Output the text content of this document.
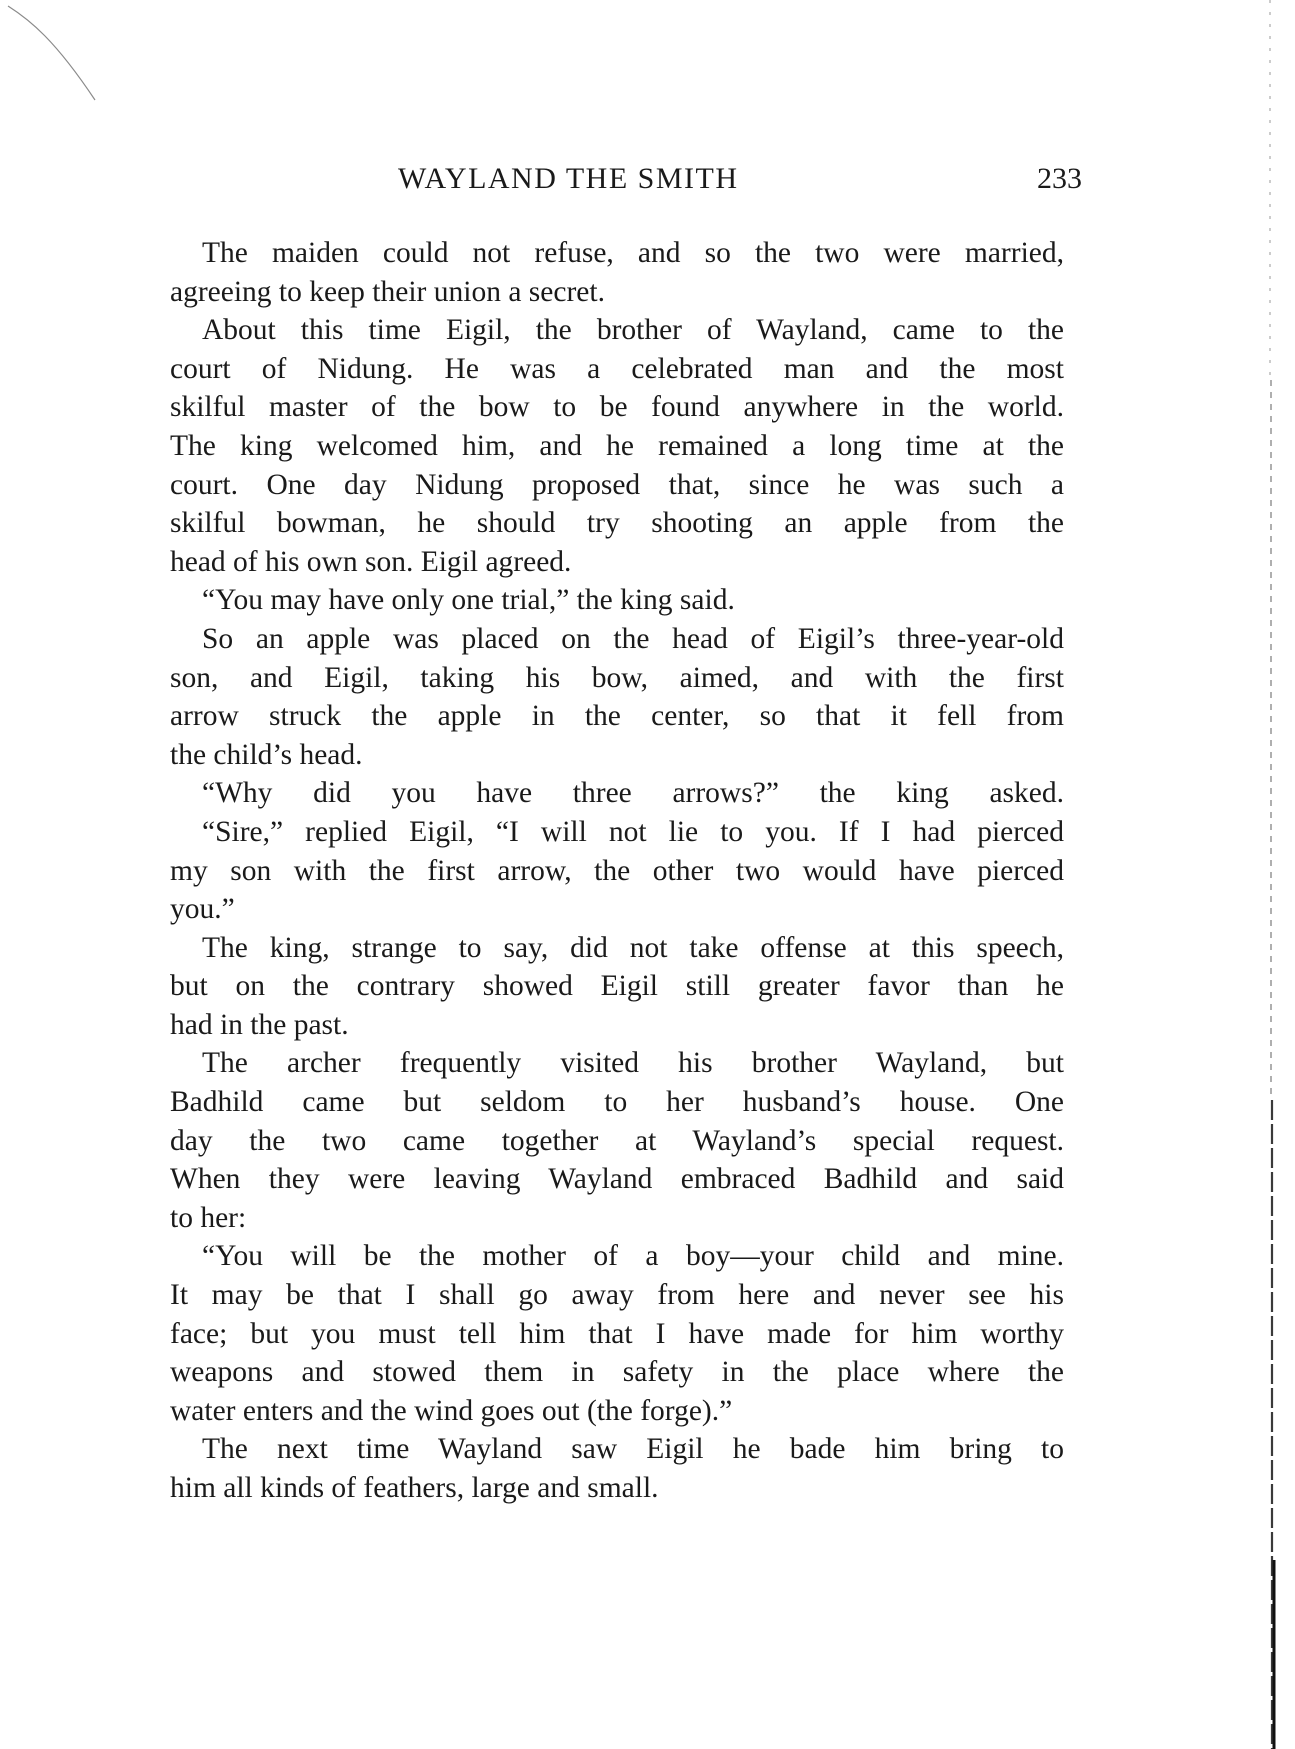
WAYLAND THE SMITH	233
The maiden could not refuse, and so the two were married,
agreeing to keep their union a secret.
About this time Eigil, the brother of Wayland, came to the
court of Nidung. He was a celebrated man and the most
skilful master of the bow to be found anywhere in the world.
The king welcomed him, and he remained a long time at the
court. One day Nidung proposed that, since he was such a
skilful bowman, he should try shooting an apple from the
head of his own son. Eigil agreed.
“You may have only one trial,” the king said.
So an apple was placed on the head of Eigil’s three-year-old
son, and Eigil, taking his bow, aimed, and with the first
arrow struck the apple in the center, so that it fell from
the child’s head.
“Why did you have three arrows?” the king asked.
“Sire,” replied Eigil, “I will not lie to you. If I had pierced
my son with the first arrow, the other two would have pierced
you.”
The king, strange to say, did not take offense at this speech,
but on the contrary showed Eigil still greater favor than he
had in the past.
The archer frequently visited his brother Wayland, but
Badhild came but seldom to her husband’s house. One
day the two came together at Wayland’s special request.
When they were leaving Wayland embraced Badhild and said
to her:
“You will be the mother of a boy—your child and mine.
It may be that I shall go away from here and never see his
face; but you must tell him that I have made for him worthy
weapons and stowed them in safety in the place where the
water enters and the wind goes out (the forge).”
The next time Wayland saw Eigil he bade him bring to
him all kinds of feathers, large and small.
